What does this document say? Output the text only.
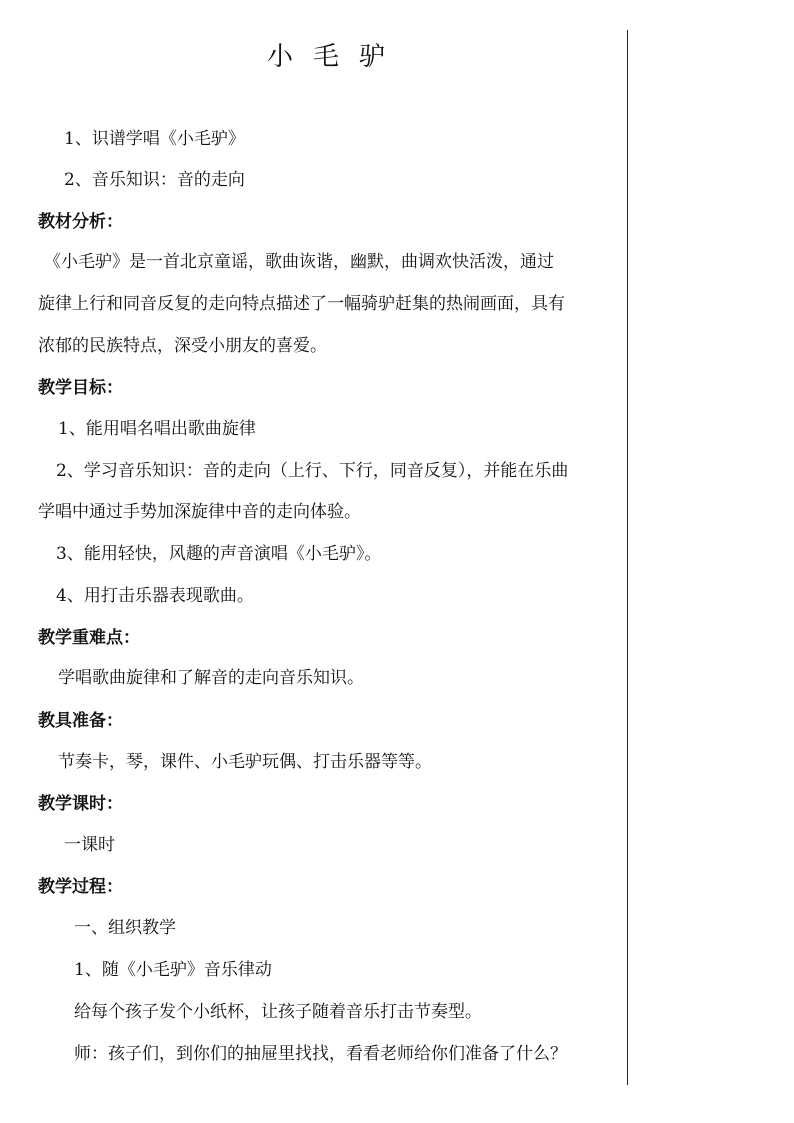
小毛驴
1、识谱学唱《小毛驴》
2、音乐知识：音的走向
教材分析：
《小毛驴》是一首北京童谣，歌曲诙谐，幽默，曲调欢快活泼，通过
旋律上行和同音反复的走向特点描述了一幅骑驴赶集的热闹画面，具有
浓郁的民族特点，深受小朋友的喜爱。
教学目标：
1、能用唱名唱出歌曲旋律
2、学习音乐知识：音的走向（上行、下行，同音反复），并能在乐曲
学唱中通过手势加深旋律中音的走向体验。
3、能用轻快，风趣的声音演唱《小毛驴》。
4、用打击乐器表现歌曲。
教学重难点：
学唱歌曲旋律和了解音的走向音乐知识。
教具准备：
节奏卡，琴，课件、小毛驴玩偶、打击乐器等等。
教学课时：
一课时
教学过程：
一、组织教学
1、随《小毛驴》音乐律动
给每个孩子发个小纸杯，让孩子随着音乐打击节奏型。
师：孩子们，到你们的抽屉里找找，看看老师给你们准备了什么？
